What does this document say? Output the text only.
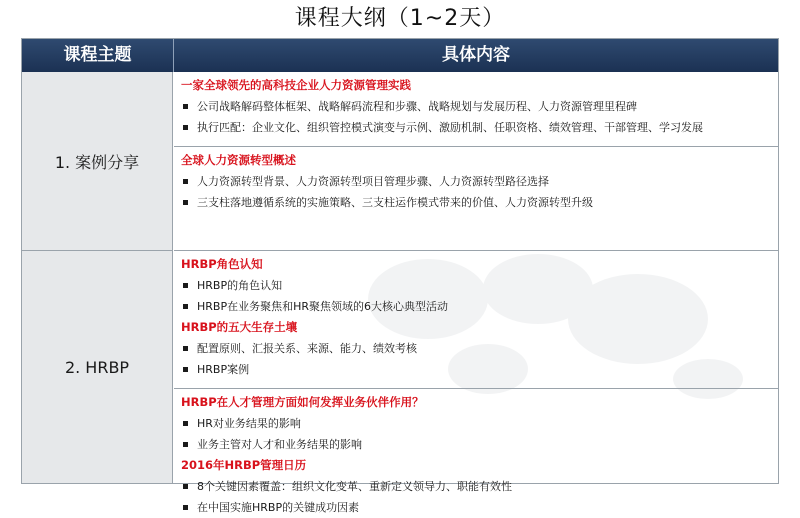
课程大纲（1~2天）
课程主题	具体内容
1. 案例分享
2. HRBP
一家全球领先的高科技企业人力资源管理实践
公司战略解码整体框架、战略解码流程和步骤、战略规划与发展历程、人力资源管理里程碑
执行匹配：企业文化、组织管控模式演变与示例、激励机制、任职资格、绩效管理、干部管理、学习发展
全球人力资源转型概述
人力资源转型背景、人力资源转型项目管理步骤、人力资源转型路径选择
三支柱落地遵循系统的实施策略、三支柱运作模式带来的价值、人力资源转型升级
HRBP角色认知
HRBP的角色认知
HRBP在业务聚焦和HR聚焦领域的6大核心典型活动
HRBP的五大生存土壤
配置原则、汇报关系、来源、能力、绩效考核
HRBP案例
HRBP在人才管理方面如何发挥业务伙伴作用？
HR对业务结果的影响
业务主管对人才和业务结果的影响
2016年HRBP管理日历
8个关键因素覆盖：组织文化变革、重新定义领导力、职能有效性
在中国实施HRBP的关键成功因素
